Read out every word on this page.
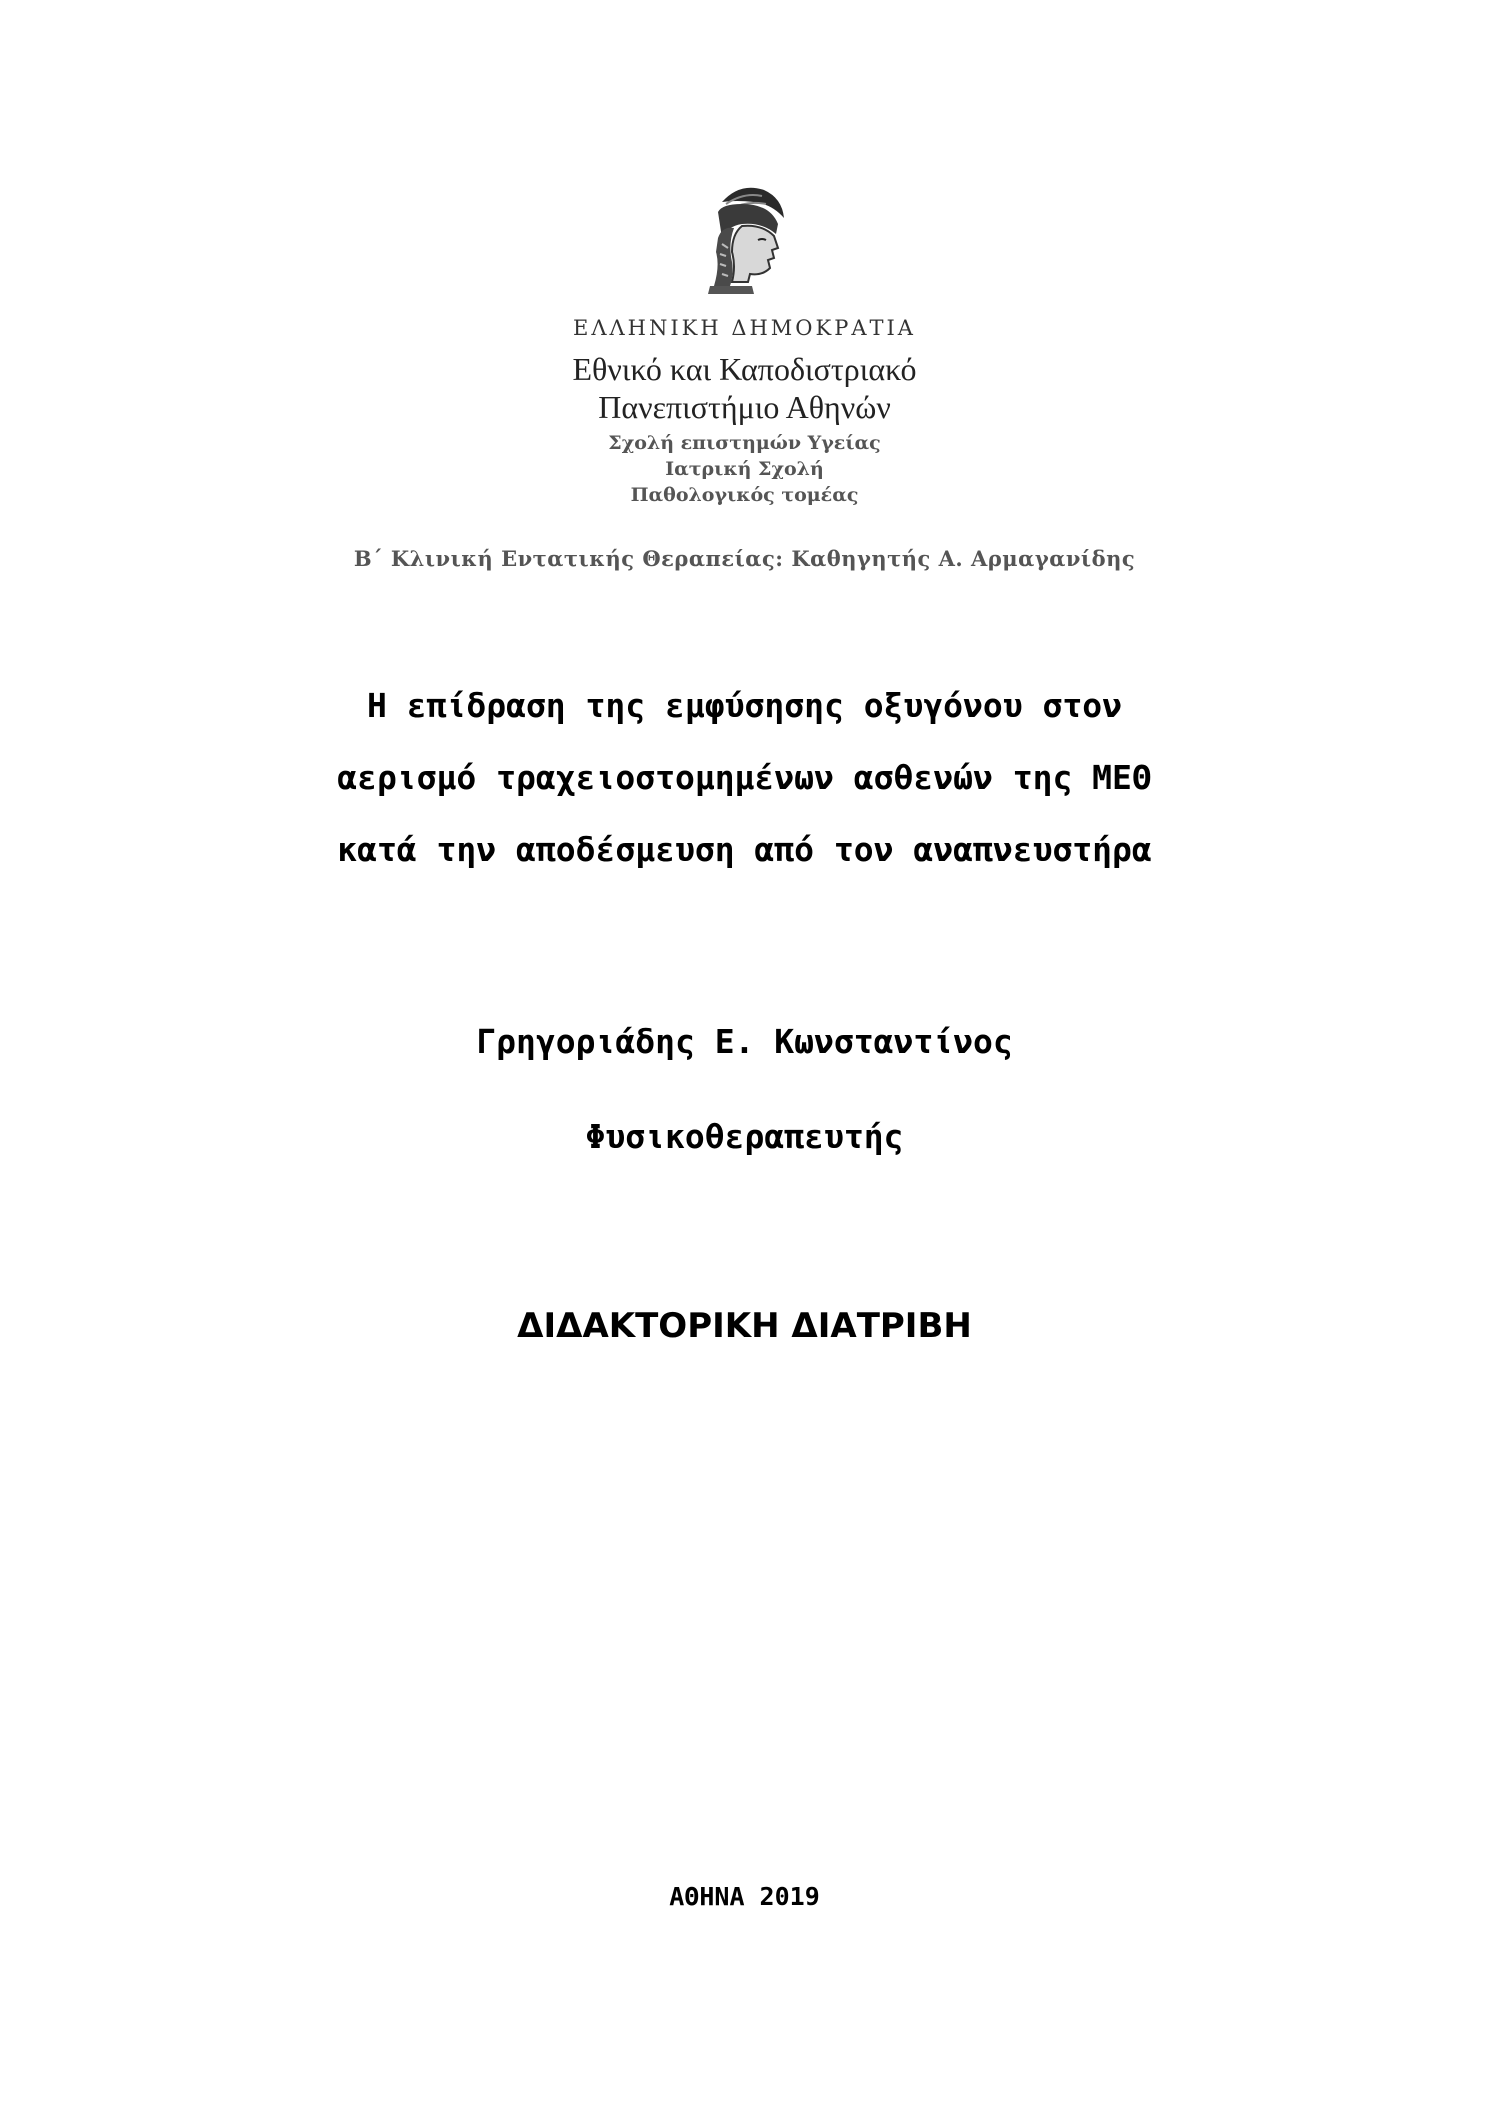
ΕΛΛΗΝΙΚΗ ΔΗΜΟΚΡΑΤΙΑ
Εθνικό και Καποδιστριακό
Πανεπιστήμιο Αθηνών
Σχολή επιστημών Υγείας
Ιατρική Σχολή
Παθολογικός τομέας
Β΄ Κλινική Εντατικής Θεραπείας: Καθηγητής Α. Αρμαγανίδης
Η επίδραση της εμφύσησης οξυγόνου στον
αερισμό τραχειοστομημένων ασθενών της ΜΕΘ
κατά την αποδέσμευση από τον αναπνευστήρα
Γρηγοριάδης Ε. Κωνσταντίνος
Φυσικοθεραπευτής
ΔΙΔΑΚΤΟΡΙΚΗ ΔΙΑΤΡΙΒΗ
ΑΘΗΝΑ 2019
